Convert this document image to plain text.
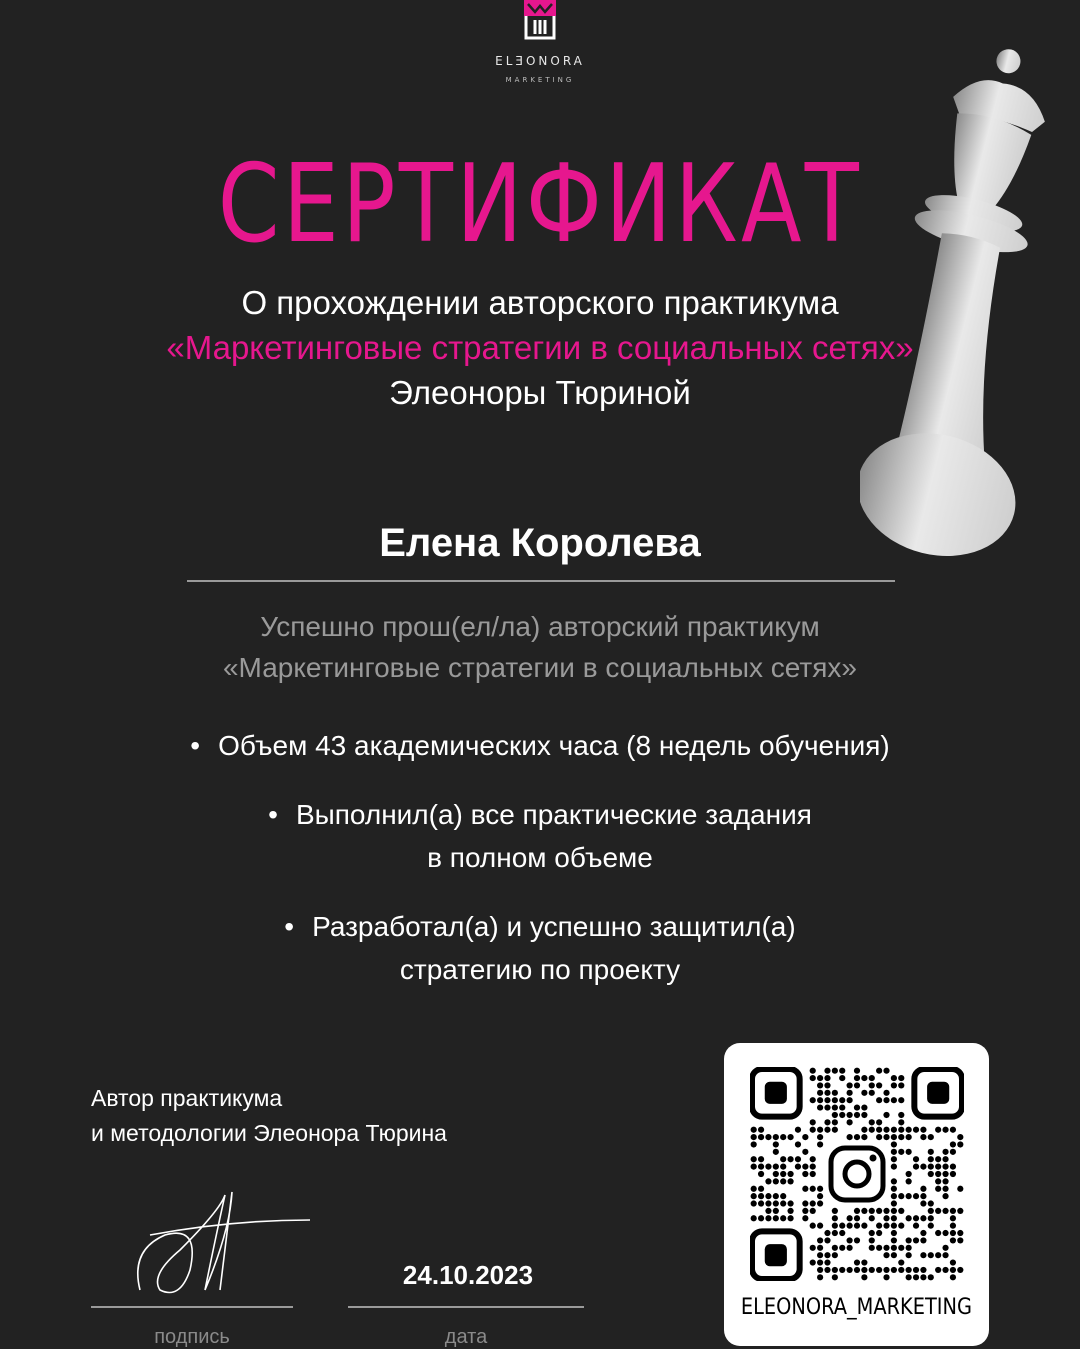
ELƎONORA
MARKETING
СЕРТИФИКАТ
О прохождении авторского практикума
«Маркетинговые стратегии в социальных сетях»
Элеоноры Тюриной
Елена Королева
Успешно прош(ел/ла) авторский практикум
«Маркетинговые стратегии в социальных сетях»
• Объем 43 академических часа (8 недель обучения)
• Выполнил(а) все практические задания
в полном объеме
• Разработал(а) и успешно защитил(а)
стратегию по проекту
Автор практикума
и методологии Элеонора Тюрина
подпись
24.10.2023
дата
ELEONORA_MARKETING
